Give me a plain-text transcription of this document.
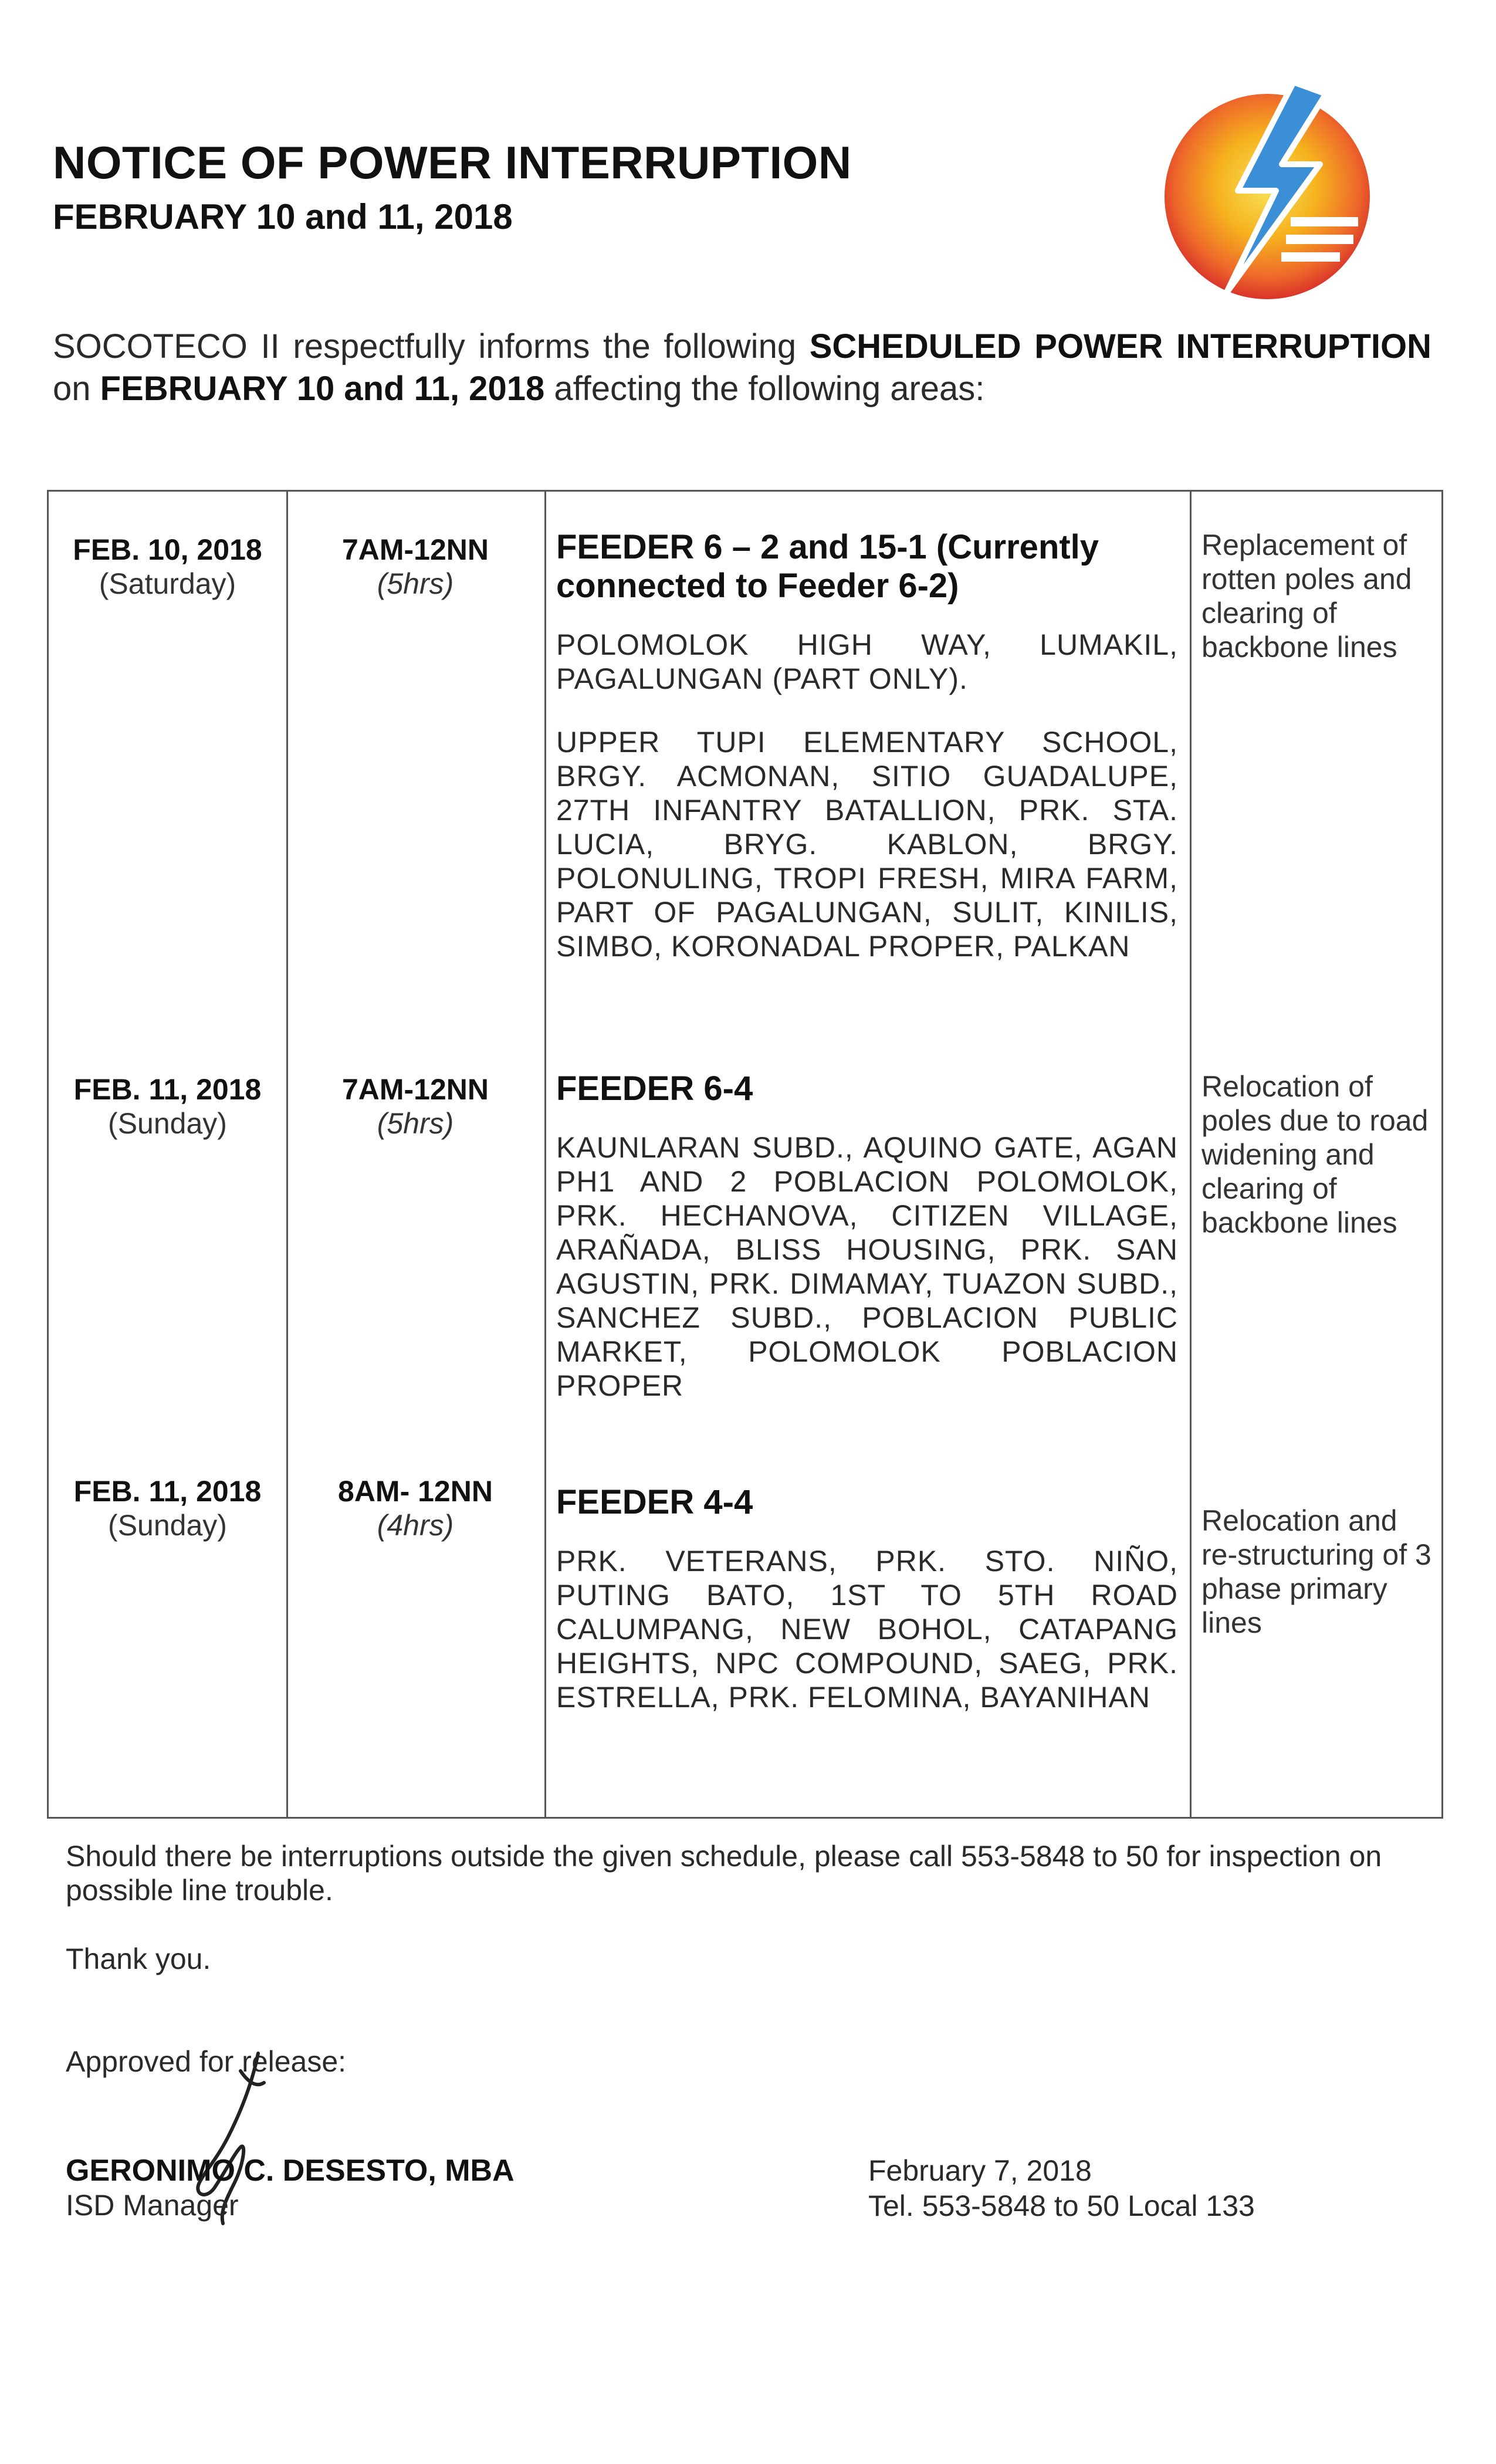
NOTICE OF POWER INTERRUPTION
FEBRUARY 10 and 11, 2018
SOCOTECO II respectfully informs the following SCHEDULED POWER INTERRUPTION on FEBRUARY 10 and 11, 2018 affecting the following areas:
FEB. 10, 2018
(Saturday)
7AM-12NN
(5hrs)
FEEDER 6 – 2 and 15-1 (Currently connected to Feeder 6-2)
POLOMOLOK HIGH WAY, LUMAKIL, PAGALUNGAN (PART ONLY).
UPPER TUPI ELEMENTARY SCHOOL, BRGY. ACMONAN, SITIO GUADALUPE, 27TH INFANTRY BATALLION, PRK. STA. LUCIA, BRYG. KABLON, BRGY. POLONULING, TROPI FRESH, MIRA FARM, PART OF PAGALUNGAN, SULIT, KINILIS, SIMBO, KORONADAL PROPER, PALKAN
Replacement of rotten poles and clearing of backbone lines
FEB. 11, 2018
(Sunday)
7AM-12NN
(5hrs)
FEEDER 6-4
KAUNLARAN SUBD., AQUINO GATE, AGAN PH1 AND 2 POBLACION POLOMOLOK, PRK. HECHANOVA, CITIZEN VILLAGE, ARAÑADA, BLISS HOUSING, PRK. SAN AGUSTIN, PRK. DIMAMAY, TUAZON SUBD., SANCHEZ SUBD., POBLACION PUBLIC MARKET, POLOMOLOK POBLACION PROPER
Relocation of poles due to road widening and clearing of backbone lines
FEB. 11, 2018
(Sunday)
8AM- 12NN
(4hrs)
FEEDER 4-4
PRK. VETERANS, PRK. STO. NIÑO, PUTING BATO, 1ST TO 5TH ROAD CALUMPANG, NEW BOHOL, CATAPANG HEIGHTS, NPC COMPOUND, SAEG, PRK. ESTRELLA, PRK. FELOMINA, BAYANIHAN
Relocation and re-structuring of 3 phase primary lines
Should there be interruptions outside the given schedule, please call 553-5848 to 50 for inspection on possible line trouble.
Thank you.
Approved for release:
GERONIMO C. DESESTO, MBA
ISD Manager
February 7, 2018
Tel. 553-5848 to 50 Local 133
